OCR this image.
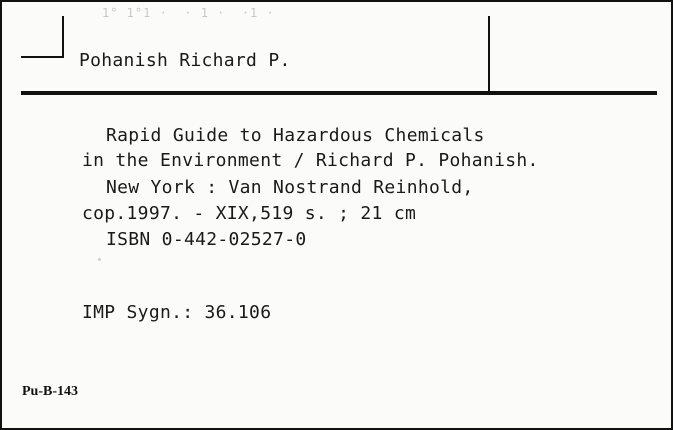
1° 1°1 ·  · 1 ·  ·1 ·
Pohanish Richard P.
Rapid Guide to Hazardous Chemicals
in the Environment / Richard P. Pohanish.
New York : Van Nostrand Reinhold,
cop.1997. - XIX,519 s. ; 21 cm
ISBN 0-442-02527-0
IMP Sygn.: 36.106
Pu-B-143
